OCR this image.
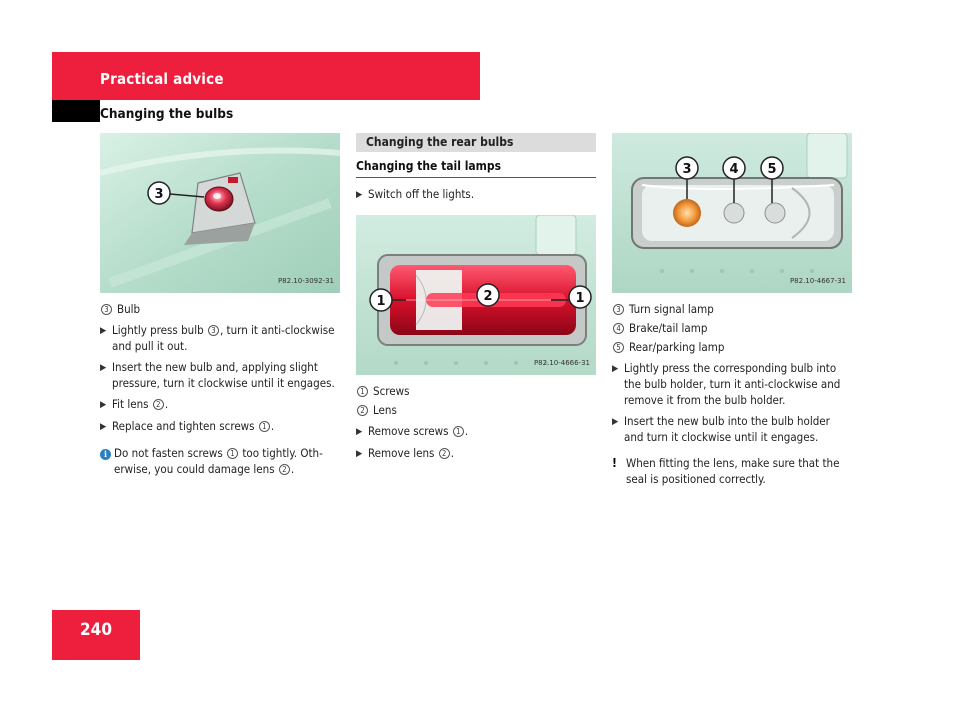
Practical advice
Changing the bulbs
3
P82.10-3092-31
3 Bulb
▶ Lightly press bulb 3 , turn it anti-clockwise and pull it out.
▶ Insert the new bulb and, applying slight pressure, turn it clockwise until it engages.
▶ Fit lens 2 .
▶ Replace and tighten screws 1 .
i Do not fasten screws 1 too tightly. Oth-erwise, you could damage lens 2 .
Changing the rear bulbs
Changing the tail lamps
▶ Switch off the lights.
1	2	1
P82.10-4666-31
1 Screws
2 Lens
▶ Remove screws 1 .
▶ Remove lens 2 .
3	4 5
P82.10-4667-31
3 Turn signal lamp
4 Brake/tail lamp
5 Rear/parking lamp
▶ Lightly press the corresponding bulb into the bulb holder, turn it anti-clockwise and remove it from the bulb holder.
▶ Insert the new bulb into the bulb holder and turn it clockwise until it engages.
! When fitting the lens, make sure that the seal is positioned correctly.
240
